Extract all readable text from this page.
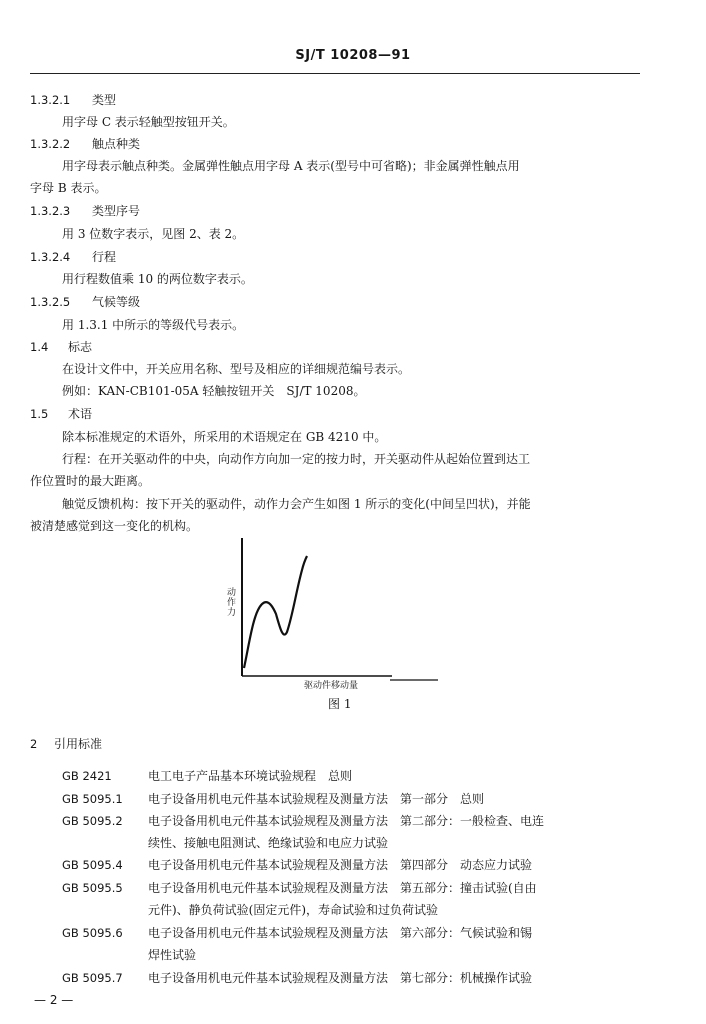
SJ/T 10208—91
1.3.2.1 类型
用字母 C 表示轻触型按钮开关。
1.3.2.2 触点种类
用字母表示触点种类。金属弹性触点用字母 A 表示(型号中可省略)；非金属弹性触点用
字母 B 表示。
1.3.2.3 类型序号
用 3 位数字表示，见图 2、表 2。
1.3.2.4 行程
用行程数值乘 10 的两位数字表示。
1.3.2.5 气候等级
用 1.3.1 中所示的等级代号表示。
1.4 标志
在设计文件中，开关应用名称、型号及相应的详细规范编号表示。
例如：KAN-CB101-05A 轻触按钮开关　SJ/T 10208。
1.5 术语
除本标准规定的术语外，所采用的术语规定在 GB 4210 中。
行程：在开关驱动件的中央，向动作方向加一定的按力时，开关驱动件从起始位置到达工
作位置时的最大距离。
触觉反馈机构：按下开关的驱动件，动作力会产生如图 1 所示的变化(中间呈凹状)，并能
被清楚感觉到这一变化的机构。
动作力
驱动件移动量
图 1
2 引用标准
GB 2421	电工电子产品基本环境试验规程　总则
GB 5095.1 电子设备用机电元件基本试验规程及测量方法　第一部分　总则
GB 5095.2 电子设备用机电元件基本试验规程及测量方法　第二部分：一般检查、电连
续性、接触电阻测试、绝缘试验和电应力试验
GB 5095.4 电子设备用机电元件基本试验规程及测量方法　第四部分　动态应力试验
GB 5095.5 电子设备用机电元件基本试验规程及测量方法　第五部分：撞击试验(自由
元件)、静负荷试验(固定元件)，寿命试验和过负荷试验
GB 5095.6 电子设备用机电元件基本试验规程及测量方法　第六部分：气候试验和锡
焊性试验
GB 5095.7 电子设备用机电元件基本试验规程及测量方法　第七部分：机械操作试验
— 2 —
